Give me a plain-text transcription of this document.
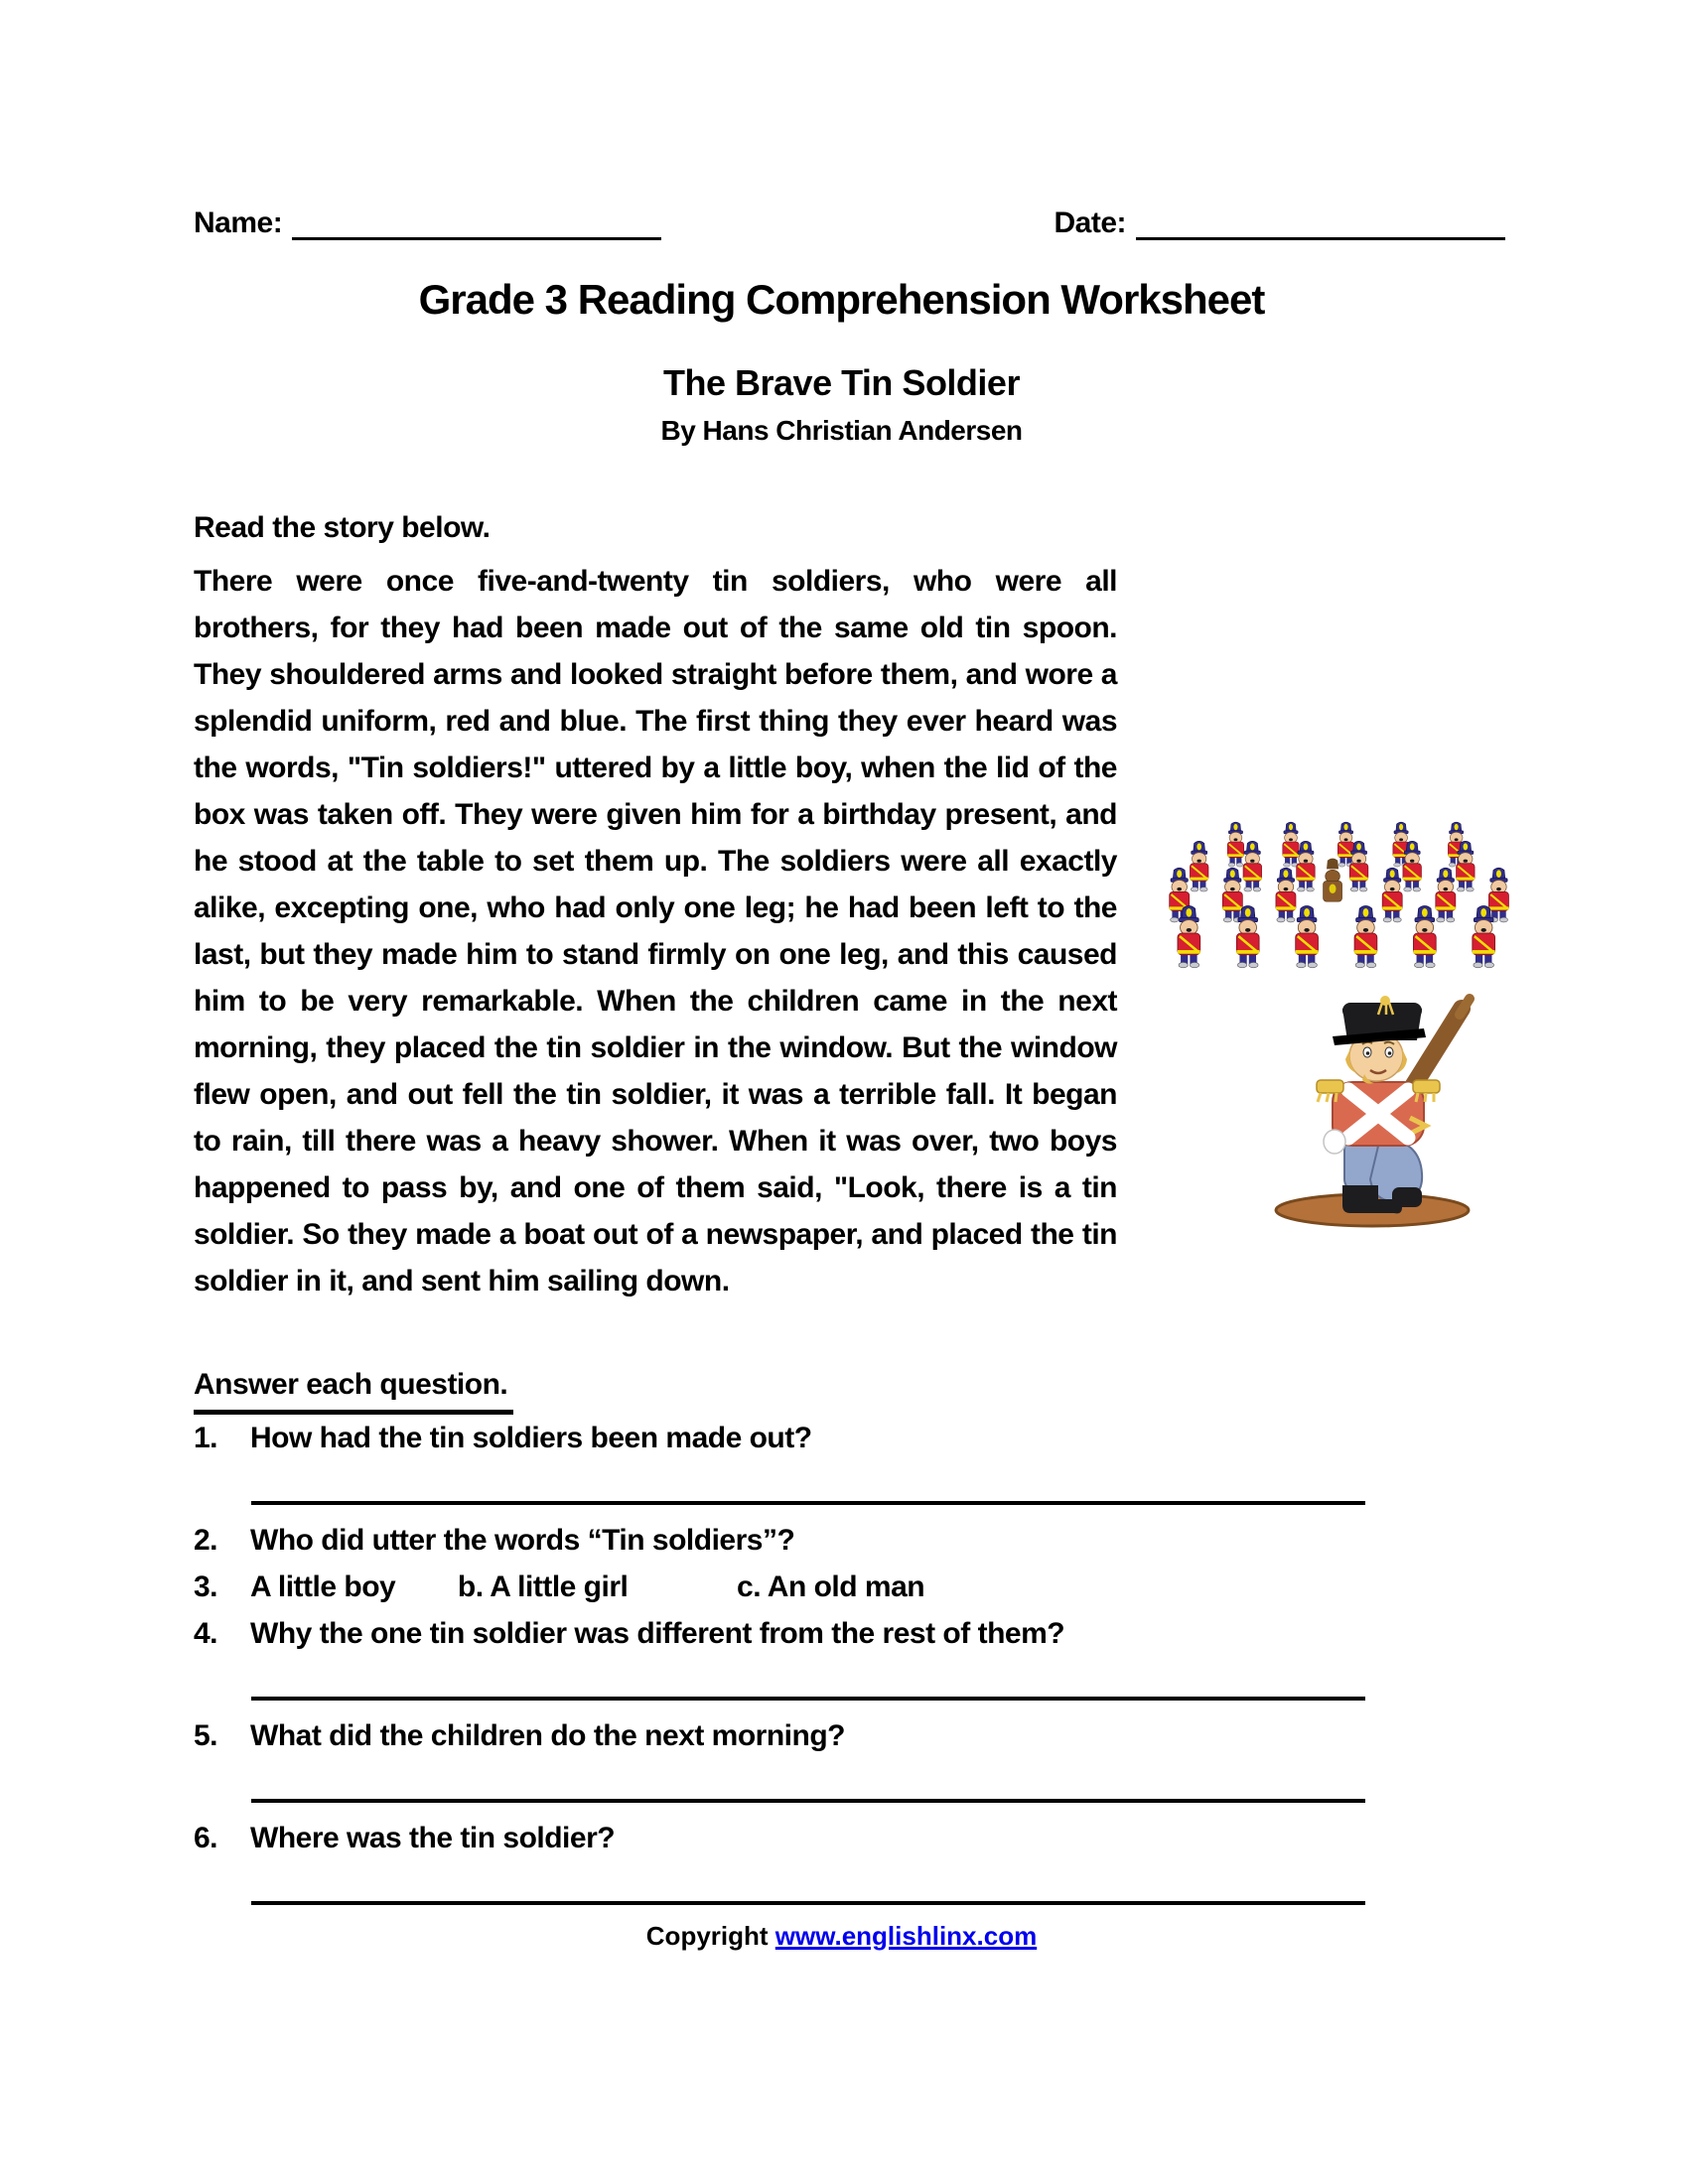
Name:	Date:
Grade 3 Reading Comprehension Worksheet
The Brave Tin Soldier
By Hans Christian Andersen

Read the story below.

There were once five-and-twenty tin soldiers, who were all brothers, for they had been made out of the same old tin spoon. They shouldered arms and looked straight before them, and wore a splendid uniform, red and blue. The first thing they ever heard was the words, "Tin soldiers!" uttered by a little boy, when the lid of the box was taken off. They were given him for a birthday present, and he stood at the table to set them up. The soldiers were all exactly alike, excepting one, who had only one leg; he had been left to the last, but they made him to stand firmly on one leg, and this caused him to be very remarkable. When the children came in the next morning, they placed the tin soldier in the window. But the window flew open, and out fell the tin soldier, it was a terrible fall. It began to rain, till there was a heavy shower. When it was over, two boys happened to pass by, and one of them said, "Look, there is a tin soldier. So they made a boat out of a newspaper, and placed the tin soldier in it, and sent him sailing down.
Answer each question.
1.	How had the tin soldiers been made out?
2.	Who did utter the words “Tin soldiers”?
3.	A little boy        b. A little girl              c. An old man
4.	Why the one tin soldier was different from the rest of them?
5.	What did the children do the next morning?
6.	Where was the tin soldier?
Copyright www.englishlinx.com
